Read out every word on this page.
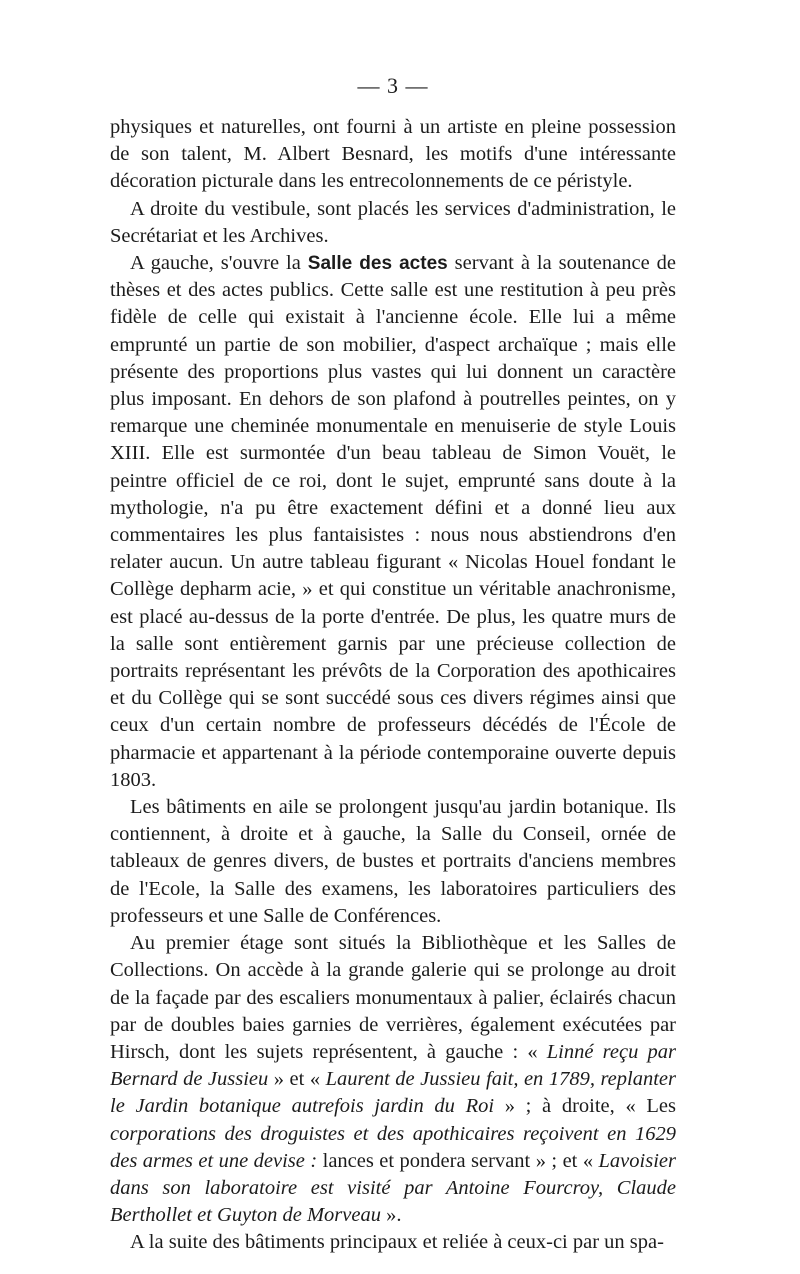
— 3 —

physiques et naturelles, ont fourni à un artiste en pleine possession de son talent, M. Albert Besnard, les motifs d'une intéressante décoration picturale dans les entrecolonnements de ce péristyle.

A droite du vestibule, sont placés les services d'administration, le Secrétariat et les Archives.

A gauche, s'ouvre la Salle des actes servant à la soutenance de thèses et des actes publics. Cette salle est une restitution à peu près fidèle de celle qui existait à l'ancienne école. Elle lui a même emprunté un partie de son mobilier, d'aspect archaïque ; mais elle présente des proportions plus vastes qui lui donnent un caractère plus imposant. En dehors de son plafond à poutrelles peintes, on y remarque une cheminée monumentale en menuiserie de style Louis XIII. Elle est surmontée d'un beau tableau de Simon Vouët, le peintre officiel de ce roi, dont le sujet, emprunté sans doute à la mythologie, n'a pu être exactement défini et a donné lieu aux commentaires les plus fantaisistes : nous nous abstiendrons d'en relater aucun. Un autre tableau figurant « Nicolas Houel fondant le Collège depharm acie, » et qui constitue un véritable anachronisme, est placé au-dessus de la porte d'entrée. De plus, les quatre murs de la salle sont entièrement garnis par une précieuse collection de portraits représentant les prévôts de la Corporation des apothicaires et du Collège qui se sont succédé sous ces divers régimes ainsi que ceux d'un certain nombre de professeurs décédés de l'École de pharmacie et appartenant à la période contemporaine ouverte depuis 1803.

Les bâtiments en aile se prolongent jusqu'au jardin botanique. Ils contiennent, à droite et à gauche, la Salle du Conseil, ornée de tableaux de genres divers, de bustes et portraits d'anciens membres de l'Ecole, la Salle des examens, les laboratoires particuliers des professeurs et une Salle de Conférences.

Au premier étage sont situés la Bibliothèque et les Salles de Collections. On accède à la grande galerie qui se prolonge au droit de la façade par des escaliers monumentaux à palier, éclairés chacun par de doubles baies garnies de verrières, également exécutées par Hirsch, dont les sujets représentent, à gauche : « Linné reçu par Bernard de Jussieu » et « Laurent de Jussieu fait, en 1789, replanter le Jardin botanique autrefois jardin du Roi » ; à droite, « Les corporations des droguistes et des apothicaires reçoivent en 1629 des armes et une devise : lances et pondera servant » ; et « Lavoisier dans son laboratoire est visité par Antoine Fourcroy, Claude Berthollet et Guyton de Morveau ».

A la suite des bâtiments principaux et reliée à ceux-ci par un spa-
